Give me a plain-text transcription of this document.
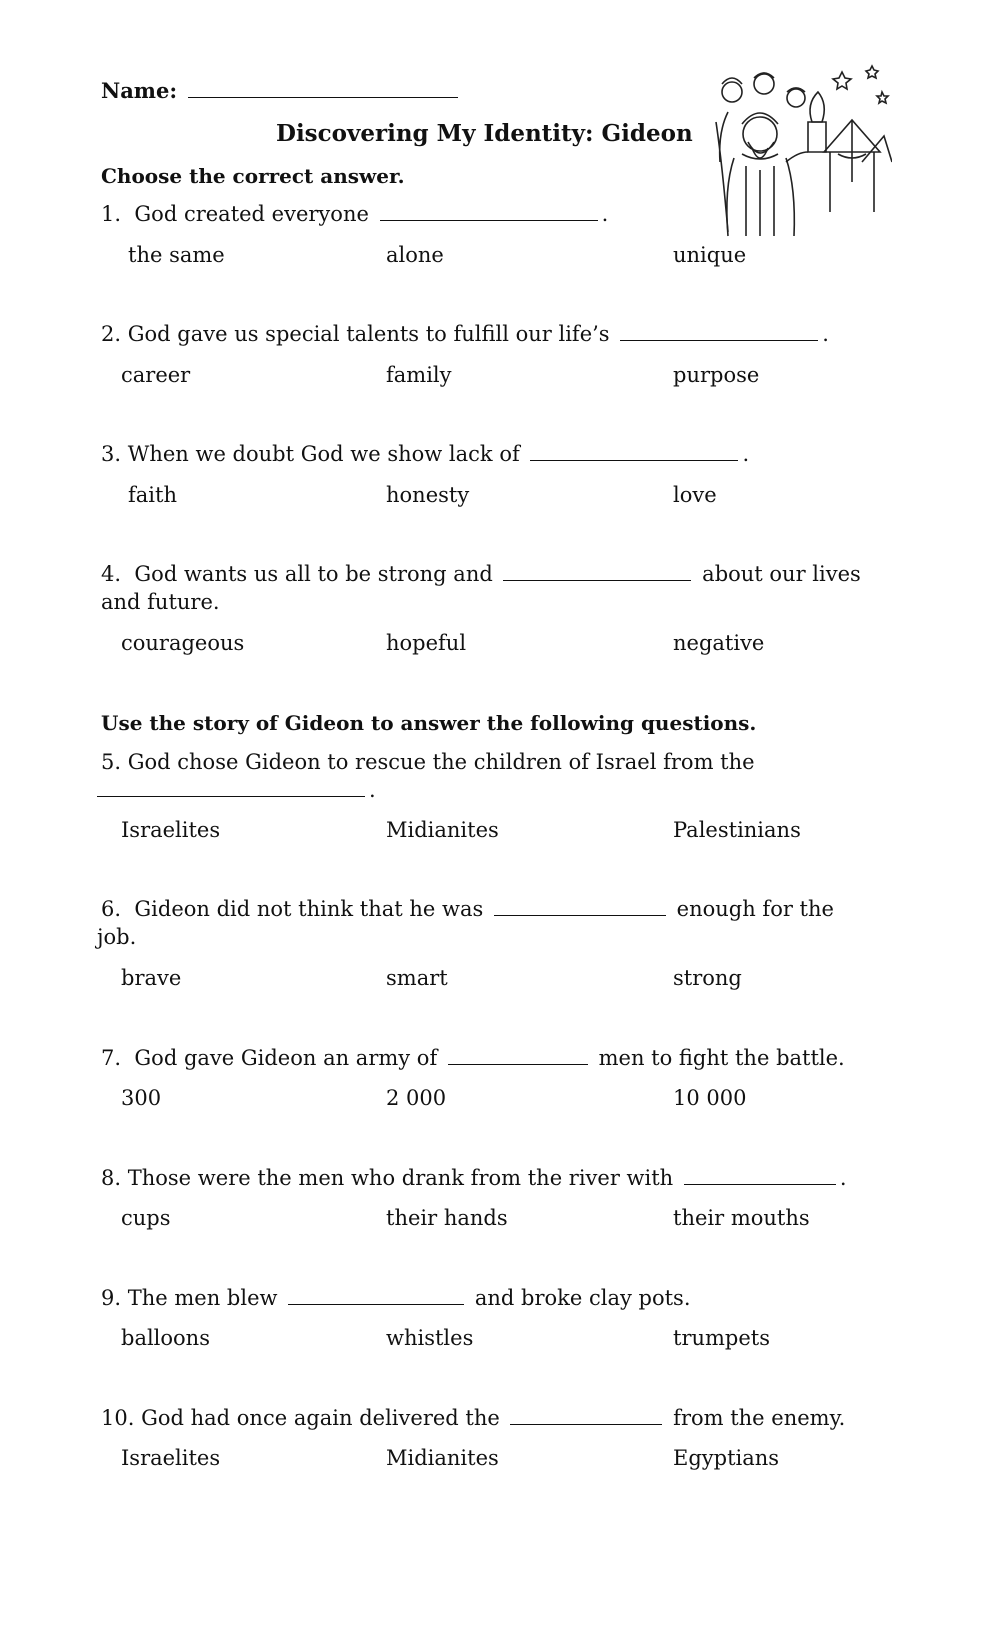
Name:
Discovering My Identity: Gideon
Choose the correct answer.
1. God created everyone	.
the same	alone	unique
2. God gave us special talents to fulfill our life’s	.
career	family	purpose
3. When we doubt God we show lack of	.
faith	honesty	love
4. God wants us all to be strong and	about our lives
and future.
courageous	hopeful	negative
Use the story of Gideon to answer the following questions.
5. God chose Gideon to rescue the children of Israel from the
.
Israelites	Midianites	Palestinians
6. Gideon did not think that he was	enough for the
job.
brave	smart	strong
7. God gave Gideon an army of	men to fight the battle.
300	2 000	10 000
8. Those were the men who drank from the river with	.
cups	their hands	their mouths
9. The men blew	and broke clay pots.
balloons	whistles	trumpets
10. God had once again delivered the	from the enemy.
Israelites	Midianites	Egyptians
